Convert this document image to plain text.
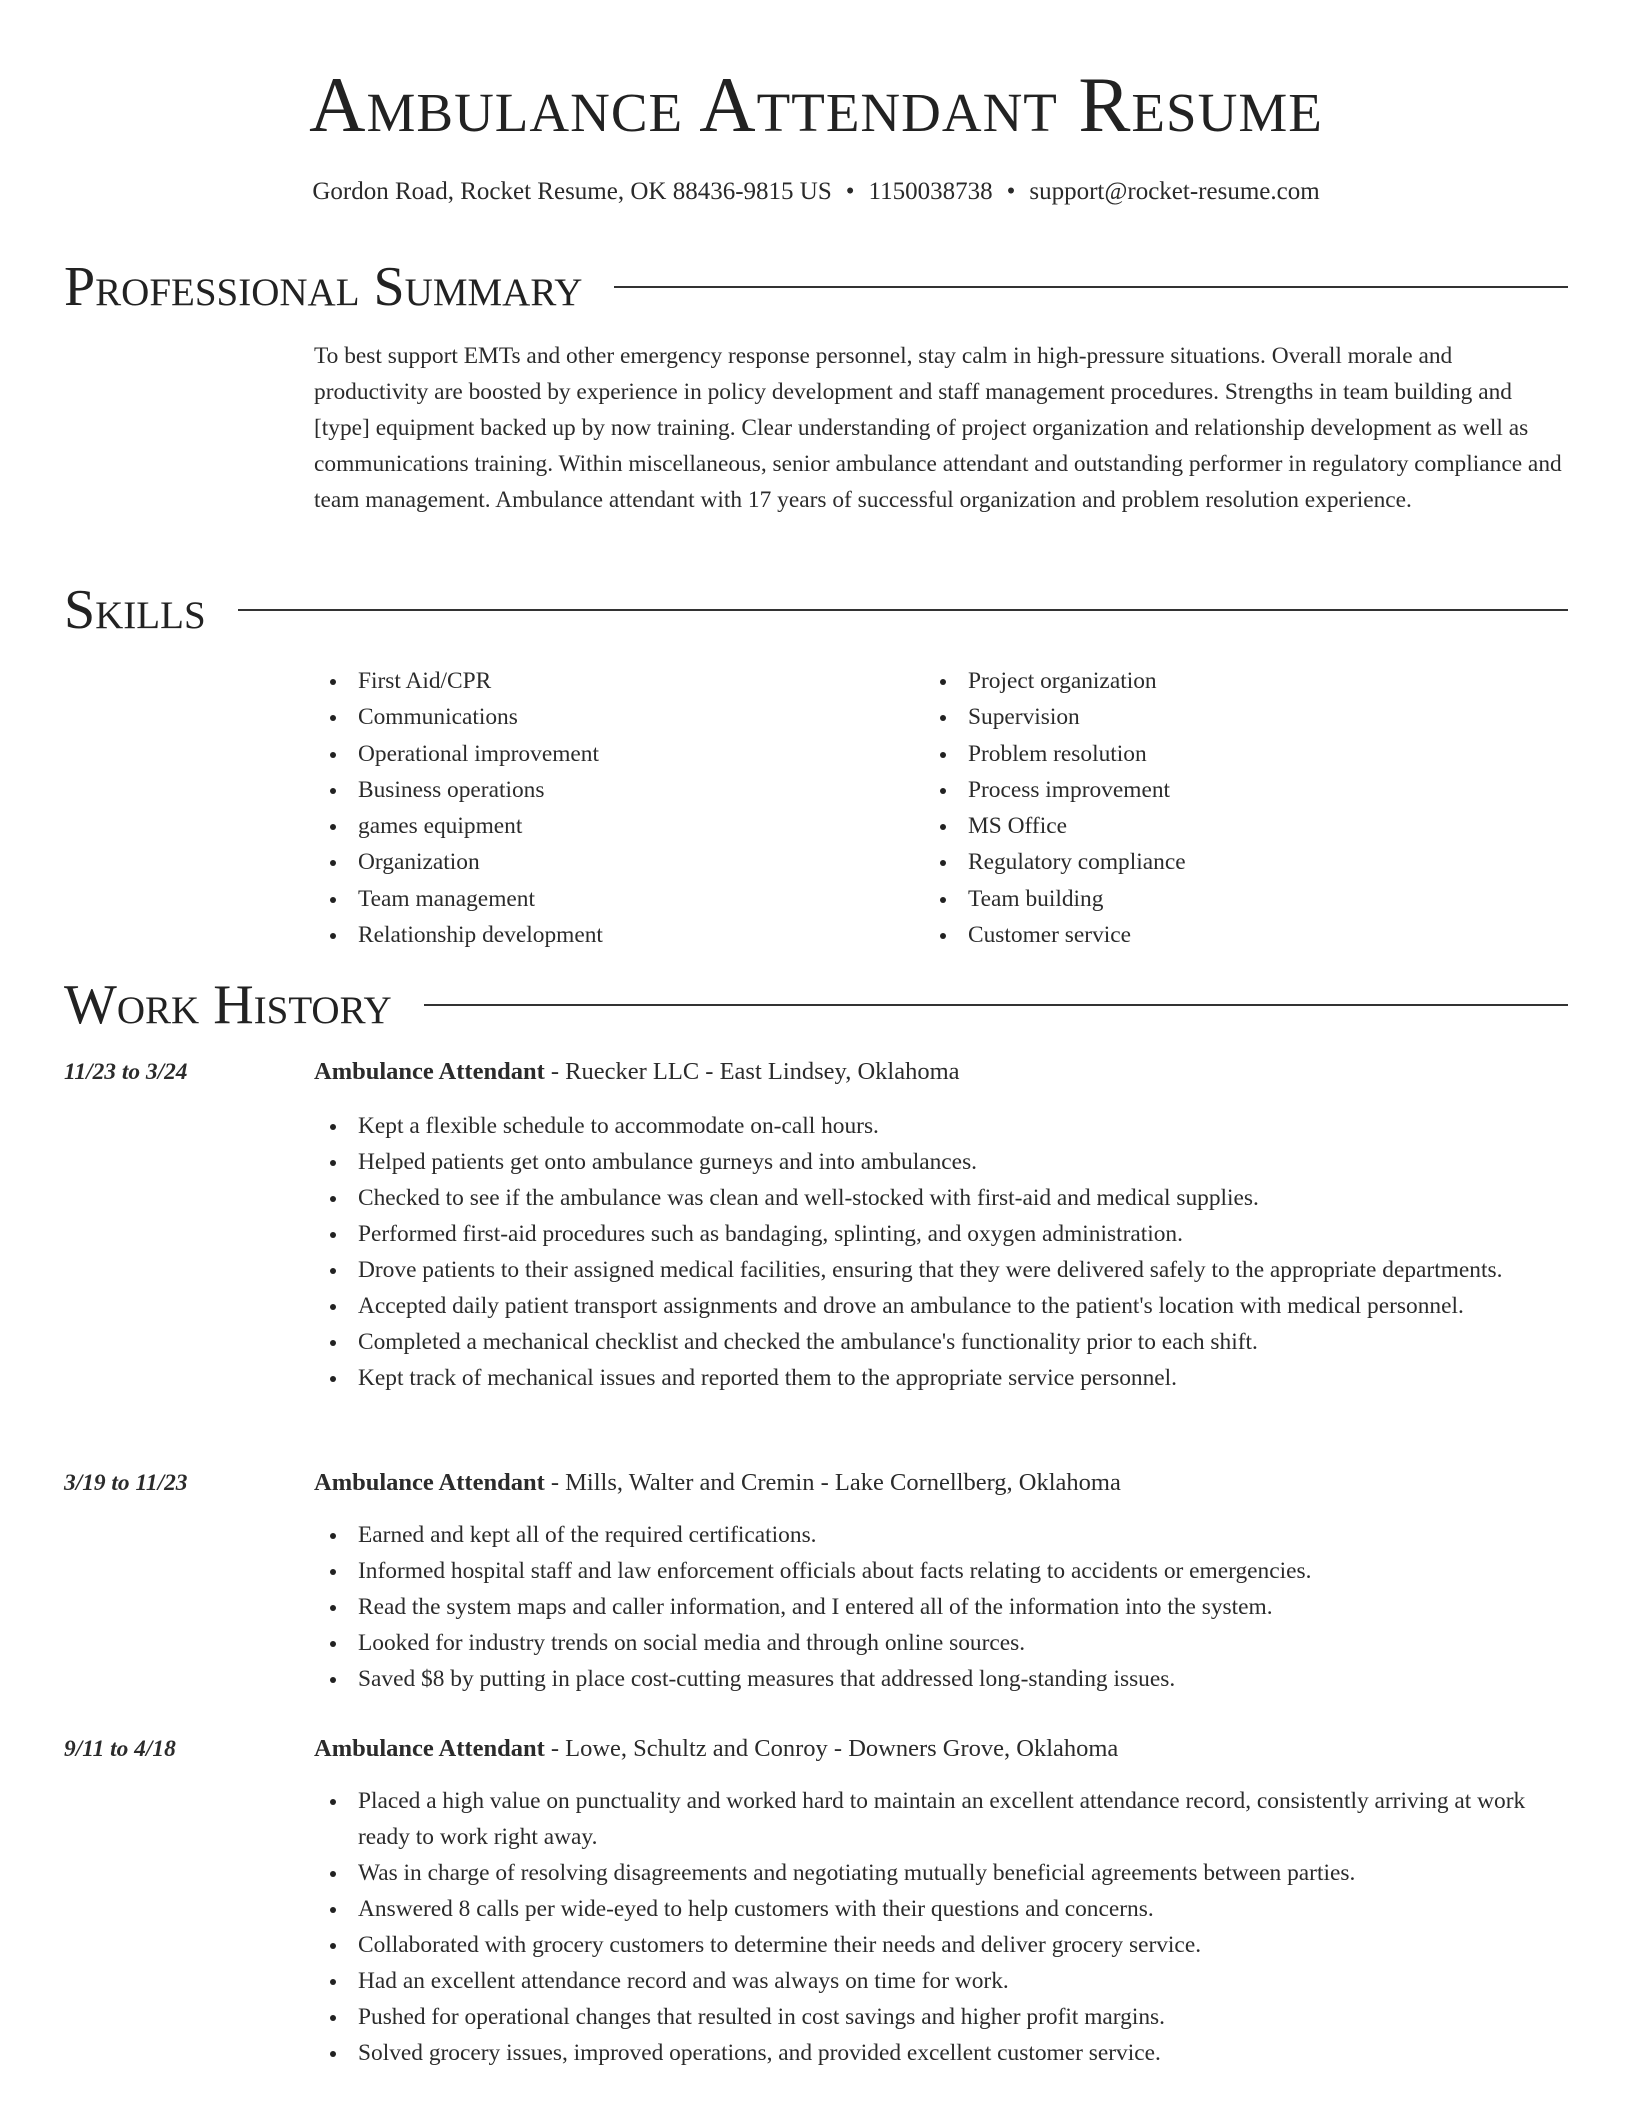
Ambulance Attendant Resume
Gordon Road, Rocket Resume, OK 88436-9815 US • 1150038738 • support@rocket-resume.com
Professional Summary
To best support EMTs and other emergency response personnel, stay calm in high-pressure situations. Overall morale and productivity are boosted by experience in policy development and staff management procedures. Strengths in team building and [type] equipment backed up by now training. Clear understanding of project organization and relationship development as well as communications training. Within miscellaneous, senior ambulance attendant and outstanding performer in regulatory compliance and team management. Ambulance attendant with 17 years of successful organization and problem resolution experience.
Skills
First Aid/CPR
Communications
Operational improvement
Business operations
games equipment
Organization
Team management
Relationship development
Project organization
Supervision
Problem resolution
Process improvement
MS Office
Regulatory compliance
Team building
Customer service
Work History
11/23 to 3/24	Ambulance Attendant - Ruecker LLC - East Lindsey, Oklahoma
Kept a flexible schedule to accommodate on-call hours.
Helped patients get onto ambulance gurneys and into ambulances.
Checked to see if the ambulance was clean and well-stocked with first-aid and medical supplies.
Performed first-aid procedures such as bandaging, splinting, and oxygen administration.
Drove patients to their assigned medical facilities, ensuring that they were delivered safely to the appropriate departments.
Accepted daily patient transport assignments and drove an ambulance to the patient's location with medical personnel.
Completed a mechanical checklist and checked the ambulance's functionality prior to each shift.
Kept track of mechanical issues and reported them to the appropriate service personnel.
3/19 to 11/23	Ambulance Attendant - Mills, Walter and Cremin - Lake Cornellberg, Oklahoma
Earned and kept all of the required certifications.
Informed hospital staff and law enforcement officials about facts relating to accidents or emergencies.
Read the system maps and caller information, and I entered all of the information into the system.
Looked for industry trends on social media and through online sources.
Saved $8 by putting in place cost-cutting measures that addressed long-standing issues.
9/11 to 4/18	Ambulance Attendant - Lowe, Schultz and Conroy - Downers Grove, Oklahoma
Placed a high value on punctuality and worked hard to maintain an excellent attendance record, consistently arriving at work ready to work right away.
Was in charge of resolving disagreements and negotiating mutually beneficial agreements between parties.
Answered 8 calls per wide-eyed to help customers with their questions and concerns.
Collaborated with grocery customers to determine their needs and deliver grocery service.
Had an excellent attendance record and was always on time for work.
Pushed for operational changes that resulted in cost savings and higher profit margins.
Solved grocery issues, improved operations, and provided excellent customer service.
